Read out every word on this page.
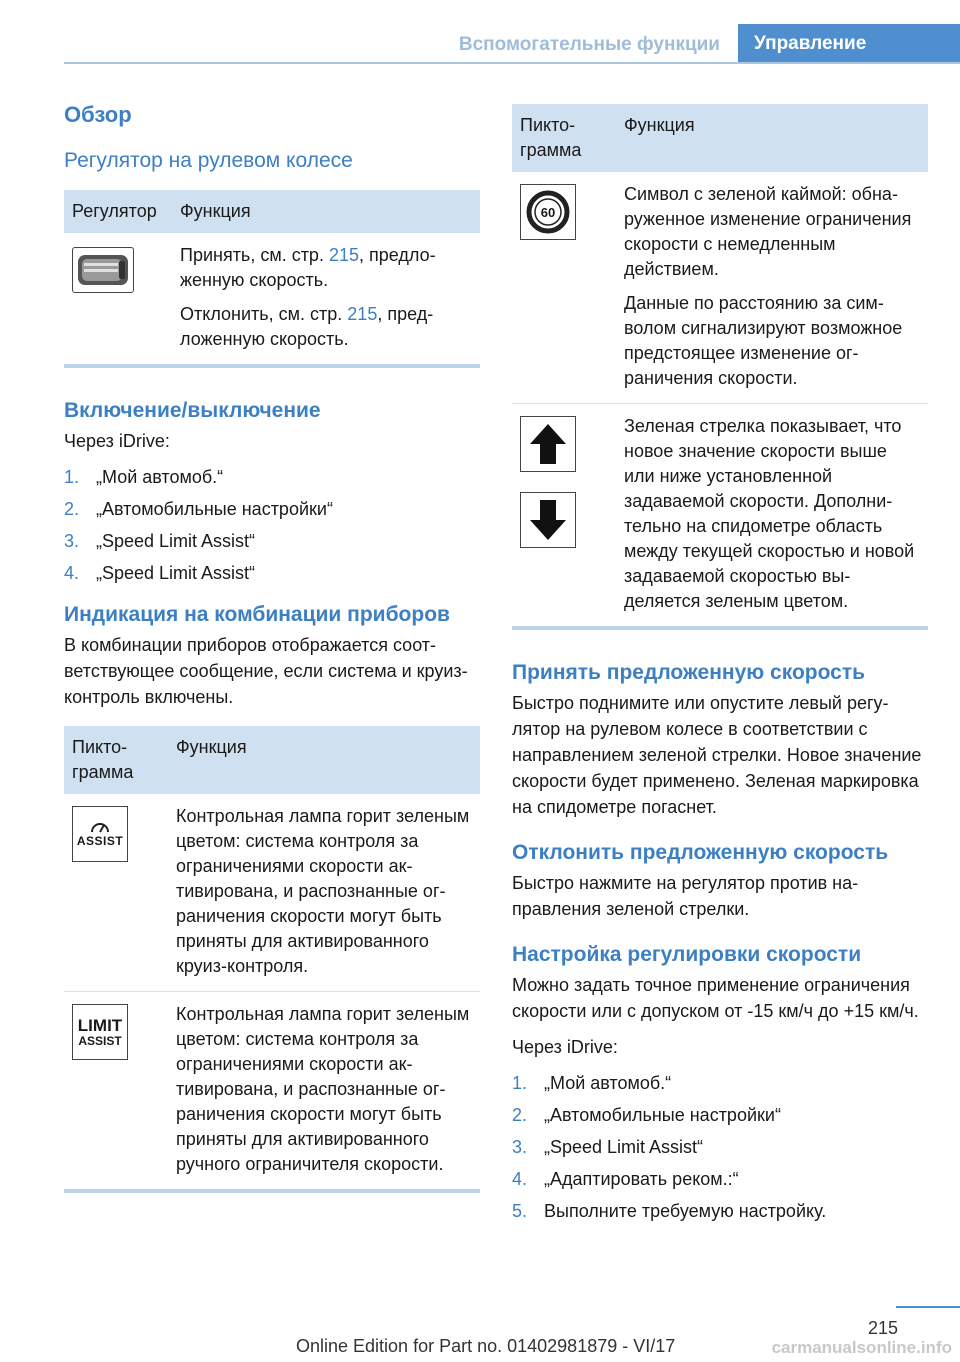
Вспомогательные функции	Управление
Обзор
Регулятор на рулевом колесе
Регулятор	Функция

Принять, см. стр. 215, предложенную скорость.

Отклонить, см. стр. 215, предложенную скорость.

Включение/выключение

Через iDrive:

1. „Мой автомоб.“
2. „Автомобильные настройки“
3. „Speed Limit Assist“
4. „Speed Limit Assist“
Индикация на комбинации приборов

В комбинации приборов отображается соответствующее сообщение, если система и круиз-контроль включены.

Пиктограмма	Функция

ASSIST	Контрольная лампа горит зеленым цветом: система контроля за ограничениями скорости активирована, и распознанные ограничения скорости могут быть приняты для активированного круиз-контроля.

LIMIT
ASSIST	Контрольная лампа горит зеленым цветом: система контроля за ограничениями скорости активирована, и распознанные ограничения скорости могут быть приняты для активированного ручного ограничителя скорости.
Пиктограмма	Функция

60	Символ с зеленой каймой: обнаруженное изменение ограничения скорости с немедленным действием.

Данные по расстоянию за символом сигнализируют возможное предстоящее изменение ограничения скорости.

	Зеленая стрелка показывает, что новое значение скорости выше или ниже установленной задаваемой скорости. Дополнительно на спидометре область между текущей скоростью и новой задаваемой скоростью выделяется зеленым цветом.
Принять предложенную скорость

Быстро поднимите или опустите левый регулятор на рулевом колесе в соответствии с направлением зеленой стрелки. Новое значение скорости будет применено. Зеленая маркировка на спидометре погаснет.

Отклонить предложенную скорость

Быстро нажмите на регулятор против направления зеленой стрелки.

Настройка регулировки скорости

Можно задать точное применение ограничения скорости или с допуском от -15 км/ч до +15 км/ч.

Через iDrive:

1. „Мой автомоб.“
2. „Автомобильные настройки“
3. „Speed Limit Assist“
4. „Адаптировать реком.:“
5. Выполните требуемую настройку.
215
Online Edition for Part no. 01402981879 - VI/17	carmanualsonline.info
